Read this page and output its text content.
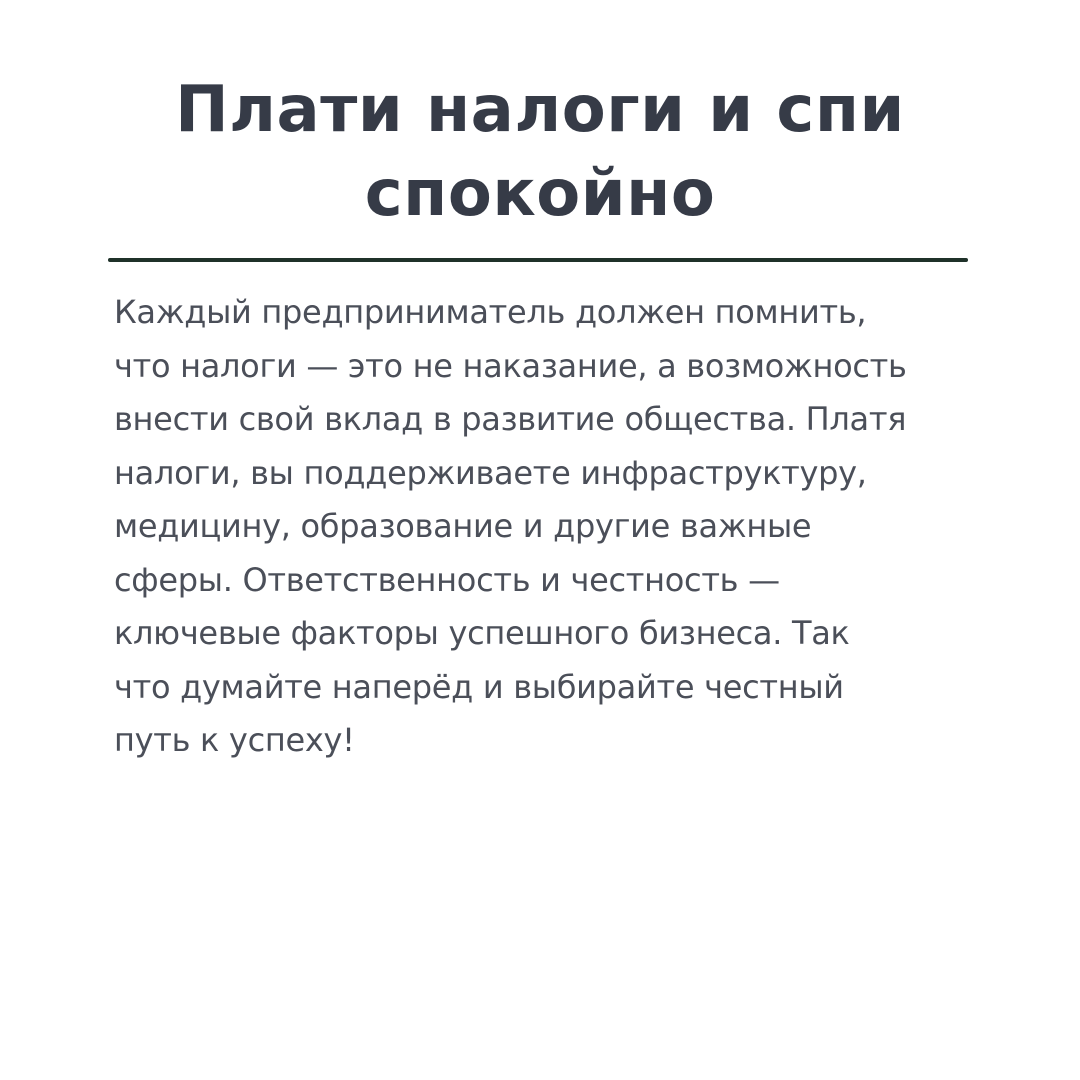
Плати налоги и спи
спокойно

Каждый предприниматель должен помнить,
что налоги — это не наказание, а возможность
внести свой вклад в развитие общества. Платя
налоги, вы поддерживаете инфраструктуру,
медицину, образование и другие важные
сферы. Ответственность и честность —
ключевые факторы успешного бизнеса. Так
что думайте наперёд и выбирайте честный
путь к успеху!
